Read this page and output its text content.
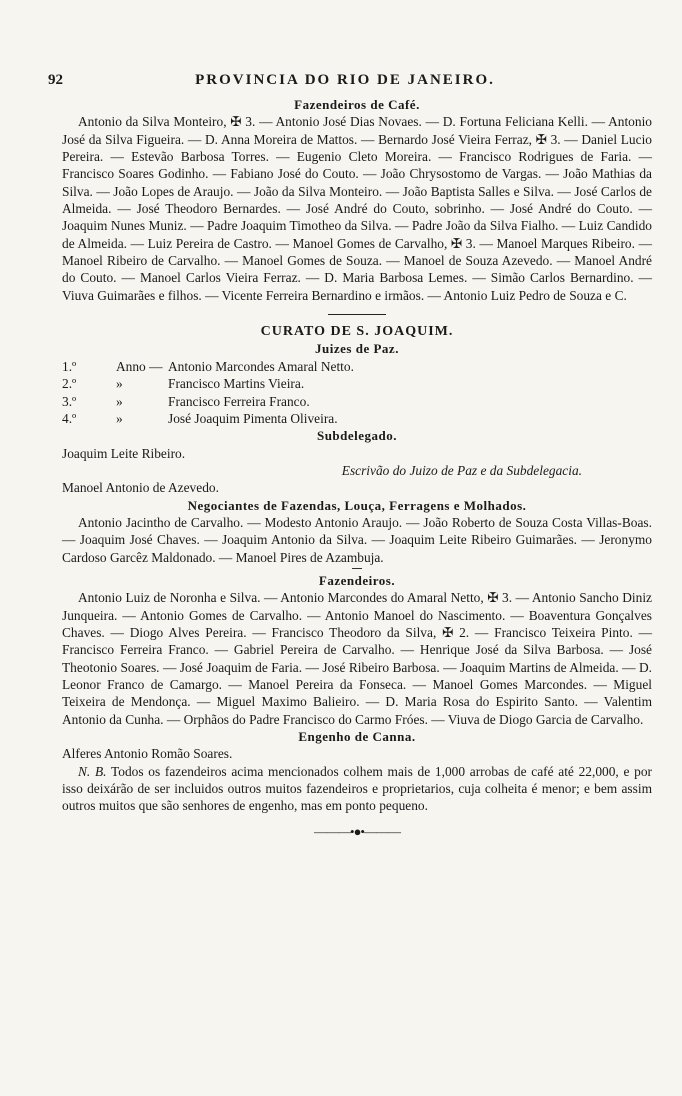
92	PROVINCIA DO RIO DE JANEIRO.
Fazendeiros de Café.

Antonio da Silva Monteiro, ✠ 3. — Antonio José Dias Novaes. — D. Fortuna Feliciana Kelli. — Antonio José da Silva Figueira. — D. Anna Moreira de Mattos. — Bernardo José Vieira Ferraz, ✠ 3. — Daniel Lucio Pereira. — Estevão Barbosa Torres. — Eugenio Cleto Moreira. — Francisco Rodrigues de Faria. — Francisco Soares Godinho. — Fabiano José do Couto. — João Chrysostomo de Vargas. — João Mathias da Silva. — João Lopes de Araujo. — João da Silva Monteiro. — João Baptista Salles e Silva. — José Carlos de Almeida. — José Theodoro Bernardes. — José André do Couto, sobrinho. — José André do Couto. — Joaquim Nunes Muniz. — Padre Joaquim Timotheo da Silva. — Padre João da Silva Fialho. — Luiz Candido de Almeida. — Luiz Pereira de Castro. — Manoel Gomes de Carvalho, ✠ 3. — Manoel Marques Ribeiro. — Manoel Ribeiro de Carvalho. — Manoel Gomes de Souza. — Manoel de Souza Azevedo. — Manoel André do Couto. — Manoel Carlos Vieira Ferraz. — D. Maria Barbosa Lemes. — Simão Carlos Bernardino. — Viuva Guimarães e filhos. — Vicente Ferreira Bernardino e irmãos. — Antonio Luiz Pedro de Souza e C.

CURATO DE S. JOAQUIM.
Juizes de Paz.
1.º	Anno — Antonio Marcondes Amaral Netto.
2.º	»	Francisco Martins Vieira.
3.º	»	Francisco Ferreira Franco.
4.º	»	José Joaquim Pimenta Oliveira.
Subdelegado.

Joaquim Leite Ribeiro.

Escrivão do Juizo de Paz e da Subdelegacia.

Manoel Antonio de Azevedo.

Negociantes de Fazendas, Louça, Ferragens e Molhados.

Antonio Jacintho de Carvalho. — Modesto Antonio Araujo. — João Roberto de Souza Costa Villas-Boas. — Joaquim José Chaves. — Joaquim Antonio da Silva. — Joaquim Leite Ribeiro Guimarães. — Jeronymo Cardoso Garcêz Maldonado. — Manoel Pires de Azambuja.

Fazendeiros.

Antonio Luiz de Noronha e Silva. — Antonio Marcondes do Amaral Netto, ✠ 3. — Antonio Sancho Diniz Junqueira. — Antonio Gomes de Carvalho. — Antonio Manoel do Nascimento. — Boaventura Gonçalves Chaves. — Diogo Alves Pereira. — Francisco Theodoro da Silva, ✠ 2. — Francisco Teixeira Pinto. — Francisco Ferreira Franco. — Gabriel Pereira de Carvalho. — Henrique José da Silva Barbosa. — José Theotonio Soares. — José Joaquim de Faria. — José Ribeiro Barbosa. — Joaquim Martins de Almeida. — D. Leonor Franco de Camargo. — Manoel Pereira da Fonseca. — Manoel Gomes Marcondes. — Miguel Teixeira de Mendonça. — Miguel Maximo Balieiro. — D. Maria Rosa do Espirito Santo. — Valentim Antonio da Cunha. — Orphãos do Padre Francisco do Carmo Fróes. — Viuva de Diogo Garcia de Carvalho.

Engenho de Canna.

Alferes Antonio Romão Soares.

N. B. Todos os fazendeiros acima mencionados colhem mais de 1,000 arrobas de café até 22,000, e por isso deixárão de ser incluidos outros muitos fazendeiros e proprietarios, cuja colheita é menor; e bem assim outros muitos que são senhores de engenho, mas em ponto pequeno.

———•●•———
